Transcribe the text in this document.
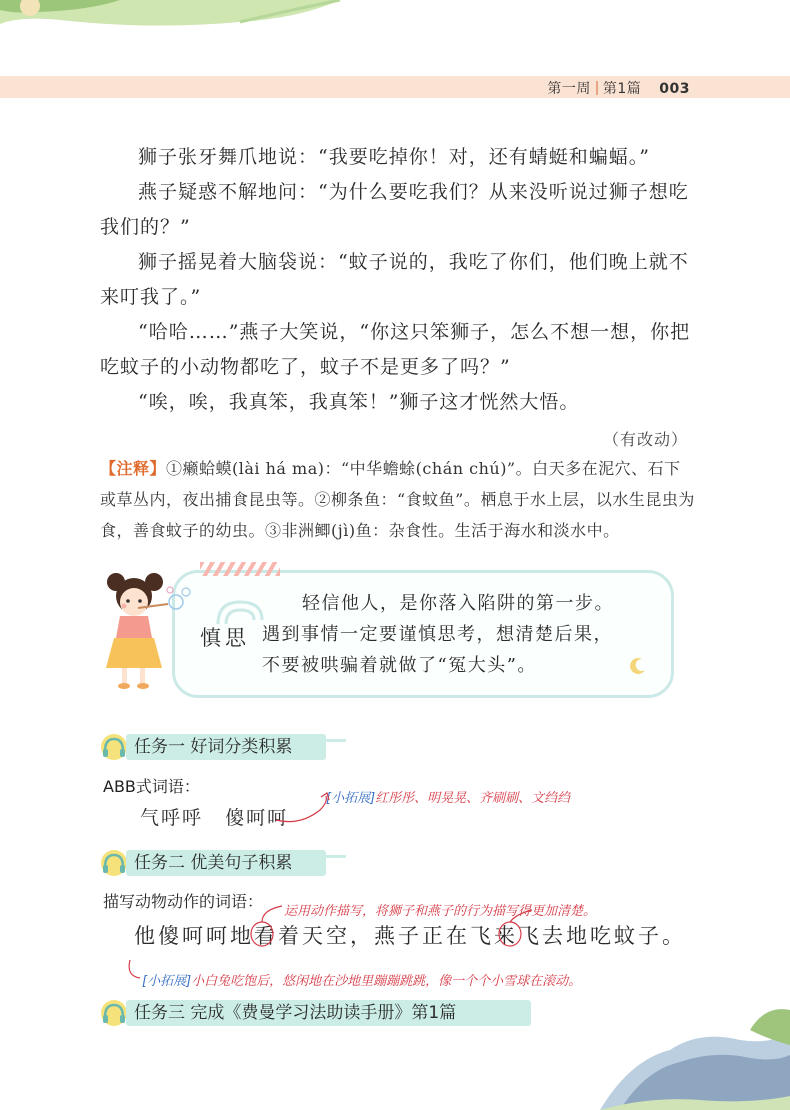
第一周 第1篇 003

狮子张牙舞爪地说：“我要吃掉你！对，还有蜻蜓和蝙蝠。”

燕子疑惑不解地问：“为什么要吃我们？从来没听说过狮子想吃我们的？”

狮子摇晃着大脑袋说：“蚊子说的，我吃了你们，他们晚上就不来叮我了。”

“哈哈……”燕子大笑说，“你这只笨狮子，怎么不想一想，你把吃蚊子的小动物都吃了，蚊子不是更多了吗？”

“唉，唉，我真笨，我真笨！”狮子这才恍然大悟。

（有改动）

【注释】①癞蛤蟆(lài há ma)：“中华蟾蜍(chán chú)”。白天多在泥穴、石下或草丛内，夜出捕食昆虫等。②柳条鱼：“食蚊鱼”。栖息于水上层，以水生昆虫为食，善食蚊子的幼虫。③非洲鲫(jì)鱼：杂食性。生活于海水和淡水中。
慎思
轻信他人，是你落入陷阱的第一步。
遇到事情一定要谨慎思考，想清楚后果，
不要被哄骗着就做了“冤大头”。
任务一 好词分类积累
ABB式词语：
气呼呼 傻呵呵
[小拓展]红彤彤、明晃晃、齐刷刷、文绉绉
任务二 优美句子积累
描写动物动作的词语：
运用动作描写，将狮子和燕子的行为描写得更加清楚。
他傻呵呵地看着天空，燕子正在飞来飞去地吃蚊子。
[小拓展]小白兔吃饱后，悠闲地在沙地里蹦蹦跳跳，像一个个小雪球在滚动。
任务三 完成《费曼学习法助读手册》第1篇
